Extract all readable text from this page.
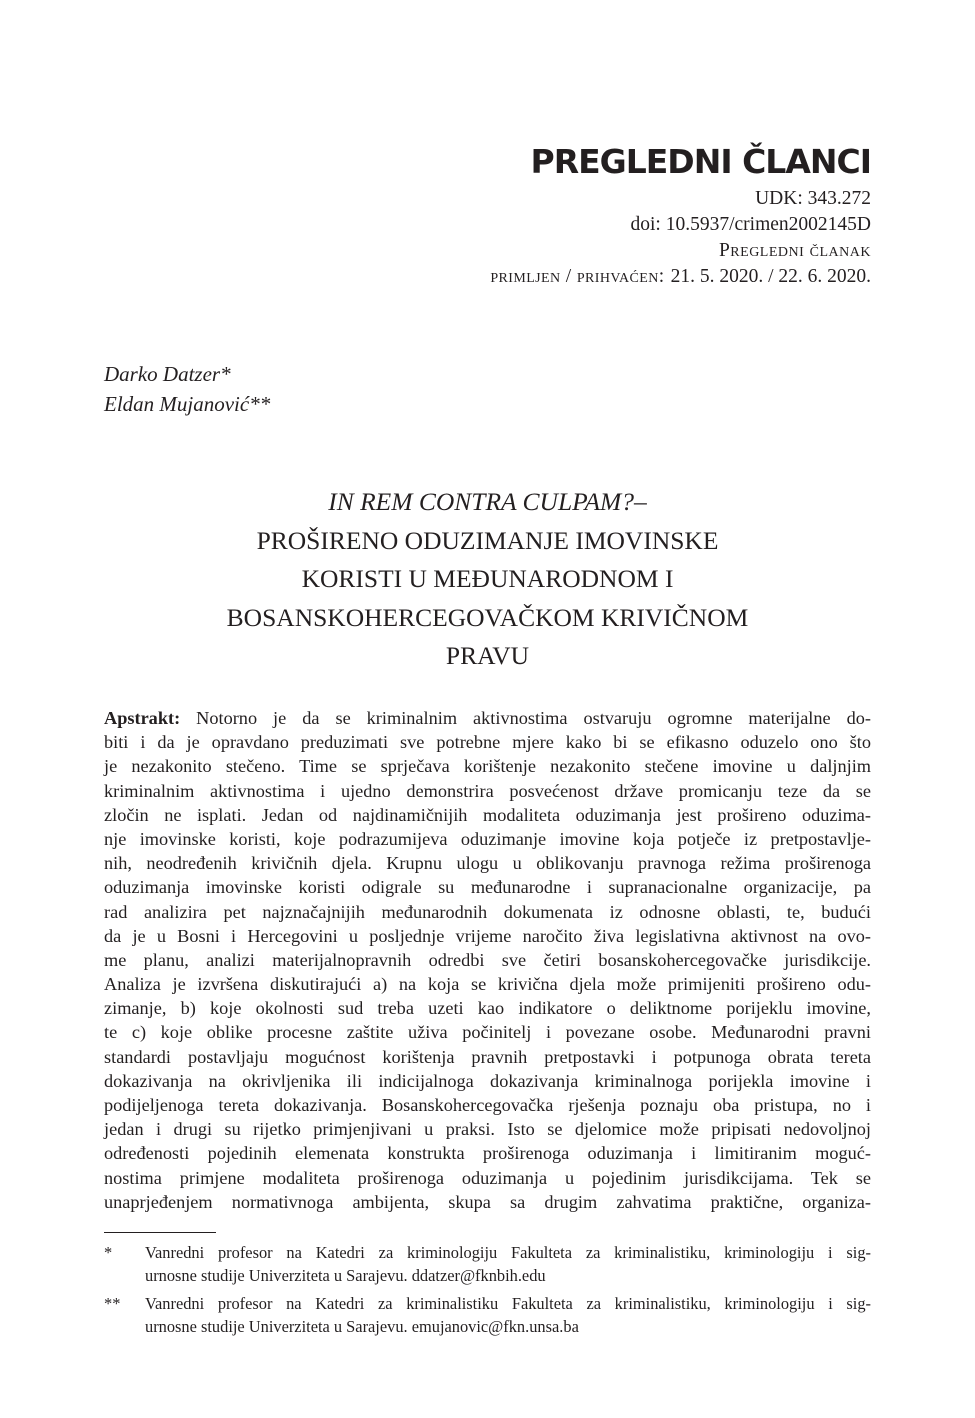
PREGLEDNI ČLANCI
UDK: 343.272
doi: 10.5937/crimen2002145D
Pregledni članak
primljen / prihvaćen: 21. 5. 2020. / 22. 6. 2020.
Darko Datzer*
Eldan Mujanović**
IN REM CONTRA CULPAM?–
PROŠIRENO ODUZIMANJE IMOVINSKE
KORISTI U MEĐUNARODNOM I
BOSANSKOHERCEGOVAČKOM KRIVIČNOM
PRAVU
Apstrakt: Notorno je da se kriminalnim aktivnostima ostvaruju ogromne materijalne do-
biti i da je opravdano preduzimati sve potrebne mjere kako bi se efikasno oduzelo ono što
je nezakonito stečeno. Time se sprječava korištenje nezakonito stečene imovine u daljnjim
kriminalnim aktivnostima i ujedno demonstrira posvećenost države promicanju teze da se
zločin ne isplati. Jedan od najdinamičnijih modaliteta oduzimanja jest prošireno oduzima-
nje imovinske koristi, koje podrazumijeva oduzimanje imovine koja potječe iz pretpostavlje-
nih, neodređenih krivičnih djela. Krupnu ulogu u oblikovanju pravnoga režima proširenoga
oduzimanja imovinske koristi odigrale su međunarodne i supranacionalne organizacije, pa
rad analizira pet najznačajnijih međunarodnih dokumenata iz odnosne oblasti, te, budući
da je u Bosni i Hercegovini u posljednje vrijeme naročito živa legislativna aktivnost na ovo-
me planu, analizi materijalnopravnih odredbi sve četiri bosanskohercegovačke jurisdikcije.
Analiza je izvršena diskutirajući a) na koja se krivična djela može primijeniti prošireno odu-
zimanje, b) koje okolnosti sud treba uzeti kao indikatore o deliktnome porijeklu imovine,
te c) koje oblike procesne zaštite uživa počinitelj i povezane osobe. Međunarodni pravni
standardi postavljaju mogućnost korištenja pravnih pretpostavki i potpunoga obrata tereta
dokazivanja na okrivljenika ili indicijalnoga dokazivanja kriminalnoga porijekla imovine i
podijeljenoga tereta dokazivanja. Bosanskohercegovačka rješenja poznaju oba pristupa, no i
jedan i drugi su rijetko primjenjivani u praksi. Isto se djelomice može pripisati nedovoljnoj
određenosti pojedinih elemenata konstrukta proširenoga oduzimanja i limitiranim moguć-
nostima primjene modaliteta proširenoga oduzimanja u pojedinim jurisdikcijama. Tek se
unaprjeđenjem normativnoga ambijenta, skupa sa drugim zahvatima praktične, organiza-
* Vanredni profesor na Katedri za kriminologiju Fakulteta za kriminalistiku, kriminologiju i sig-
urnosne studije Univerziteta u Sarajevu. ddatzer@fknbih.edu
** Vanredni profesor na Katedri za kriminalistiku Fakulteta za kriminalistiku, kriminologiju i sig-
urnosne studije Univerziteta u Sarajevu. emujanovic@fkn.unsa.ba
